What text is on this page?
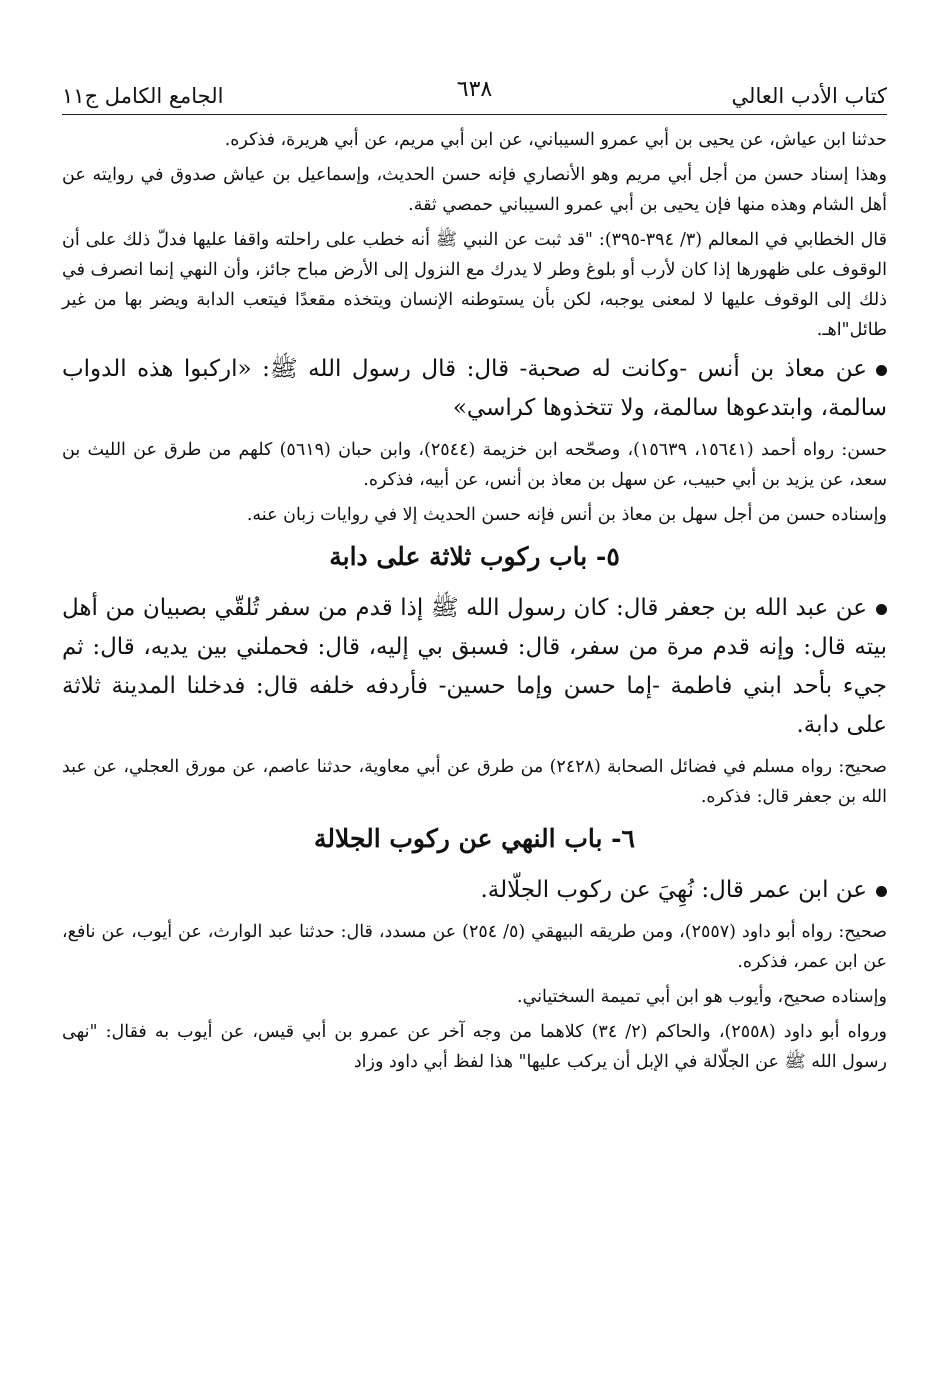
كتاب الأدب العالي
٦٣٨
الجامع الكامل ج١١

حدثنا ابن عياش، عن يحيى بن أبي عمرو السيباني، عن ابن أبي مريم، عن أبي هريرة، فذكره.

وهذا إسناد حسن من أجل أبي مريم وهو الأنصاري فإنه حسن الحديث، وإسماعيل بن عياش صدوق في روايته عن أهل الشام وهذه منها فإن يحيى بن أبي عمرو السيباني حمصي ثقة.

قال الخطابي في المعالم (٣/ ٣٩٤-٣٩٥): "قد ثبت عن النبي ﷺ أنه خطب على راحلته واقفا عليها فدلّ ذلك على أن الوقوف على ظهورها إذا كان لأرب أو بلوغ وطر لا يدرك مع النزول إلى الأرض مباح جائز، وأن النهي إنما انصرف في ذلك إلى الوقوف عليها لا لمعنى يوجبه، لكن بأن يستوطنه الإنسان ويتخذه مقعدًا فيتعب الدابة ويضر بها من غير طائل"اهـ.

عن معاذ بن أنس -وكانت له صحبة- قال: قال رسول الله ﷺ: «اركبوا هذه الدواب سالمة، وابتدعوها سالمة، ولا تتخذوها كراسي»

حسن: رواه أحمد (١٥٦٤١، ١٥٦٣٩)، وصحّحه ابن خزيمة (٢٥٤٤)، وابن حبان (٥٦١٩) كلهم من طرق عن الليث بن سعد، عن يزيد بن أبي حبيب، عن سهل بن معاذ بن أنس، عن أبيه، فذكره.

وإسناده حسن من أجل سهل بن معاذ بن أنس فإنه حسن الحديث إلا في روايات زبان عنه.

٥- باب ركوب ثلاثة على دابة

عن عبد الله بن جعفر قال: كان رسول الله ﷺ إذا قدم من سفر تُلقّي بصبيان من أهل بيته قال: وإنه قدم مرة من سفر، قال: فسبق بي إليه، قال: فحملني بين يديه، قال: ثم جيء بأحد ابني فاطمة -إما حسن وإما حسين- فأردفه خلفه قال: فدخلنا المدينة ثلاثة على دابة.

صحيح: رواه مسلم في فضائل الصحابة (٢٤٢٨) من طرق عن أبي معاوية، حدثنا عاصم، عن مورق العجلي، عن عبد الله بن جعفر قال: فذكره.

٦- باب النهي عن ركوب الجلالة

عن ابن عمر قال: نُهِيَ عن ركوب الجلّالة.

صحيح: رواه أبو داود (٢٥٥٧)، ومن طريقه البيهقي (٥/ ٢٥٤) عن مسدد، قال: حدثنا عبد الوارث، عن أيوب، عن نافع، عن ابن عمر، فذكره.

وإسناده صحيح، وأيوب هو ابن أبي تميمة السختياني.

ورواه أبو داود (٢٥٥٨)، والحاكم (٢/ ٣٤) كلاهما من وجه آخر عن عمرو بن أبي قيس، عن أيوب به فقال: "نهى رسول الله ﷺ عن الجلّالة في الإبل أن يركب عليها" هذا لفظ أبي داود وزاد
